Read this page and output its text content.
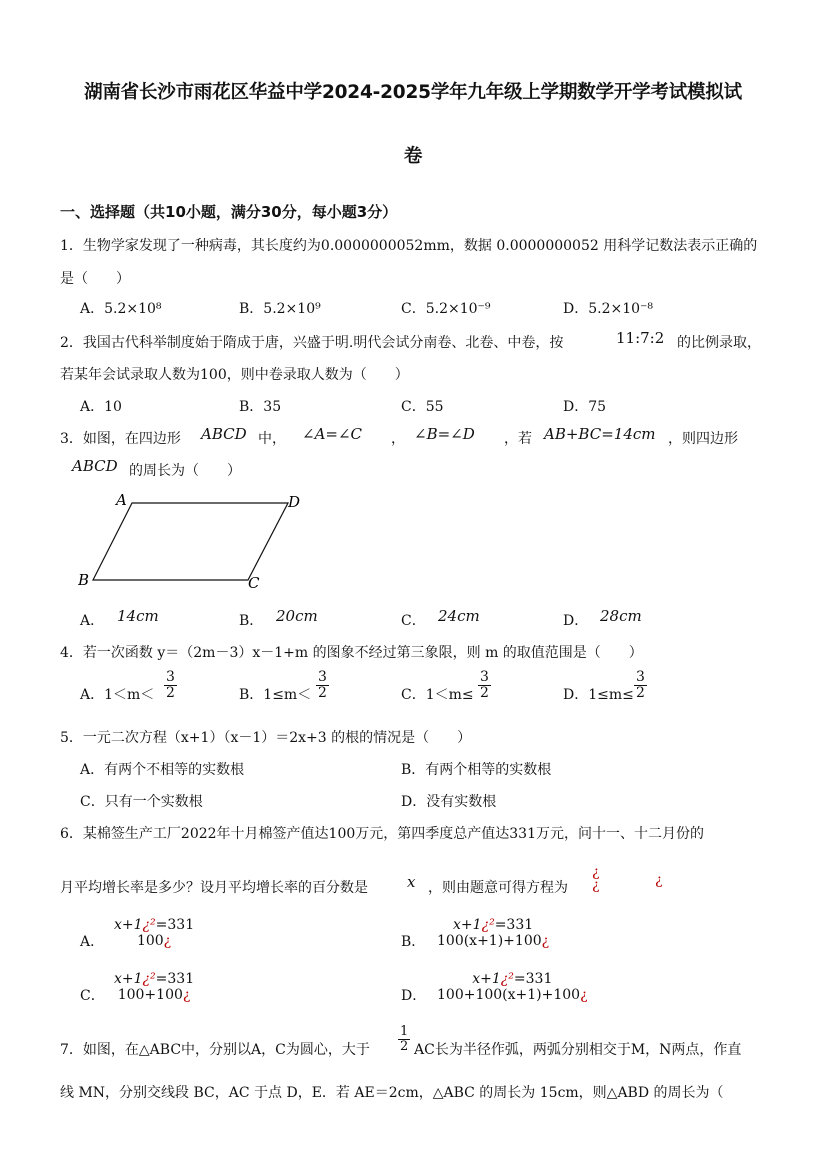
湖南省长沙市雨花区华益中学2024-2025学年九年级上学期数学开学考试模拟试
卷
一、选择题（共10小题，满分30分，每小题3分）
1．生物学家发现了一种病毒，其长度约为0.0000000052mm，数据 0.0000000052 用科学记数法表示正确的
是（　　）
A．5.2×10⁸	B．5.2×10⁹	C．5.2×10⁻⁹	D．5.2×10⁻⁸
2．我国古代科举制度始于隋成于唐，兴盛于明.明代会试分南卷、北卷、中卷，按	11:7:2 的比例录取，
若某年会试录取人数为100，则中卷录取人数为（　　）
A．10	B．35	C．55	D．75
3．如图，在四边形 ABCD 中， ∠A=∠C ， ∠B=∠D ，若 AB+BC=14cm ，则四边形
ABCD 的周长为（　　）
A	D
B	C
A． 14cm	B． 20cm	C． 24cm	D． 28cm
4．若一次函数 y＝（2m－3）x－1+m 的图象不经过第三象限，则 m 的取值范围是（　　）
A．$1<m< \frac{3}{2}$	B．$1\le m< \frac{3}{2}$	C．$1<m\le \frac{3}{2}$	D．$1\le m\le \frac{3}{2}$
5．一元二次方程（x+1）（x－1）＝2x+3 的根的情况是（　　）
A．有两个不相等的实数根	B．有两个相等的实数根
C．只有一个实数根	D．没有实数根
6．某棉签生产工厂2022年十月棉签产值达100万元，第四季度总产值达331万元，问十一、十二月份的
月平均增长率是多少？设月平均增长率的百分数是	x ，则由题意可得方程为
¿
¿	¿
A．
x+1¿²=331
100¿	B．
x+1¿²=331
100(x+1)+100¿
C．
x+1¿²=331
100+100¿	D．
x+1¿²=331
100+100(x+1)+100¿
7．如图，在△ABC中，分别以A，C为圆心，大于 $\frac{1}{2}$ AC长为半径作弧，两弧分别相交于M，N两点，作直
线 MN，分别交线段 BC，AC 于点 D，E．若 AE＝2cm，△ABC 的周长为 15cm，则△ABD 的周长为（
